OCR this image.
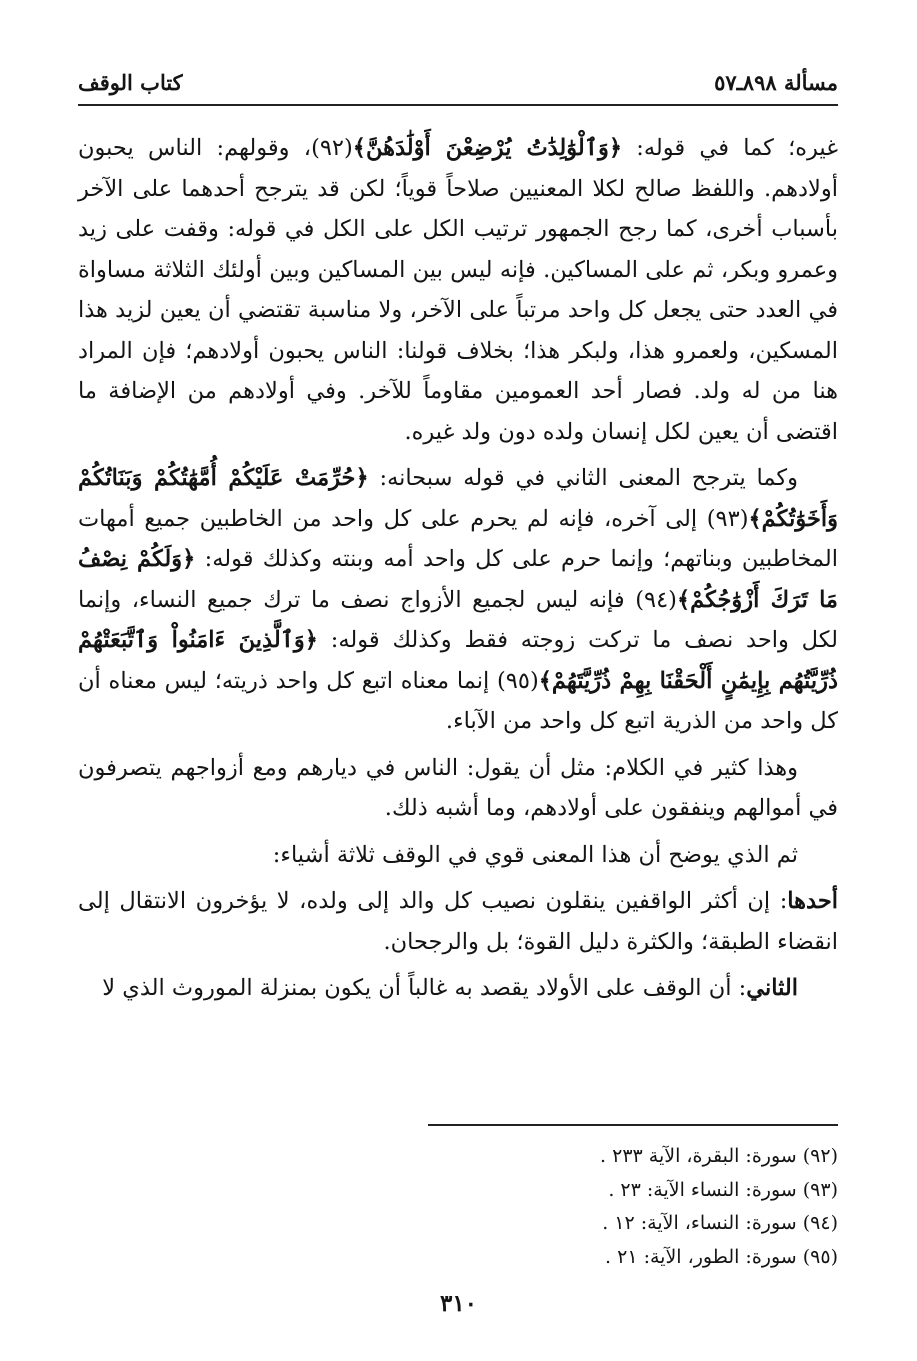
مسألة ٨٩٨ـ٥٧
كتاب الوقف

غيره؛ كما في قوله: ﴿وَٱلْوَٰلِدَٰتُ يُرْضِعْنَ أَوْلَٰدَهُنَّ﴾(٩٢)، وقولهم: الناس يحبون أولادهم. واللفظ صالح لكلا المعنيين صلاحاً قوياً؛ لكن قد يترجح أحدهما على الآخر بأسباب أخرى، كما رجح الجمهور ترتيب الكل على الكل في قوله: وقفت على زيد وعمرو وبكر، ثم على المساكين. فإنه ليس بين المساكين وبين أولئك الثلاثة مساواة في العدد حتى يجعل كل واحد مرتباً على الآخر، ولا مناسبة تقتضي أن يعين لزيد هذا المسكين، ولعمرو هذا، ولبكر هذا؛ بخلاف قولنا: الناس يحبون أولادهم؛ فإن المراد هنا من له ولد. فصار أحد العمومين مقاوماً للآخر. وفي أولادهم من الإضافة ما اقتضى أن يعين لكل إنسان ولده دون ولد غيره.

وكما يترجح المعنى الثاني في قوله سبحانه: ﴿حُرِّمَتْ عَلَيْكُمْ أُمَّهَٰتُكُمْ وَبَنَاتُكُمْ وَأَخَوَٰتُكُمْ﴾(٩٣) إلى آخره، فإنه لم يحرم على كل واحد من الخاطبين جميع أمهات المخاطبين وبناتهم؛ وإنما حرم على كل واحد أمه وبنته وكذلك قوله: ﴿وَلَكُمْ نِصْفُ مَا تَرَكَ أَزْوَٰجُكُمْ﴾(٩٤) فإنه ليس لجميع الأزواج نصف ما ترك جميع النساء، وإنما لكل واحد نصف ما تركت زوجته فقط وكذلك قوله: ﴿وَٱلَّذِينَ ءَامَنُواْ وَٱتَّبَعَتْهُمْ ذُرِّيَّتُهُم بِإِيمَٰنٍ أَلْحَقْنَا بِهِمْ ذُرِّيَّتَهُمْ﴾(٩٥) إنما معناه اتبع كل واحد ذريته؛ ليس معناه أن كل واحد من الذرية اتبع كل واحد من الآباء.

وهذا كثير في الكلام: مثل أن يقول: الناس في ديارهم ومع أزواجهم يتصرفون في أموالهم وينفقون على أولادهم، وما أشبه ذلك.

ثم الذي يوضح أن هذا المعنى قوي في الوقف ثلاثة أشياء:

أحدها: إن أكثر الواقفين ينقلون نصيب كل والد إلى ولده، لا يؤخرون الانتقال إلى انقضاء الطبقة؛ والكثرة دليل القوة؛ بل والرجحان.

الثاني: أن الوقف على الأولاد يقصد به غالباً أن يكون بمنزلة الموروث الذي لا

(٩٢) سورة: البقرة، الآية ٢٣٣ .
(٩٣) سورة: النساء الآية: ٢٣ .
(٩٤) سورة: النساء، الآية: ١٢ .
(٩٥) سورة: الطور، الآية: ٢١ .
٣١٠
